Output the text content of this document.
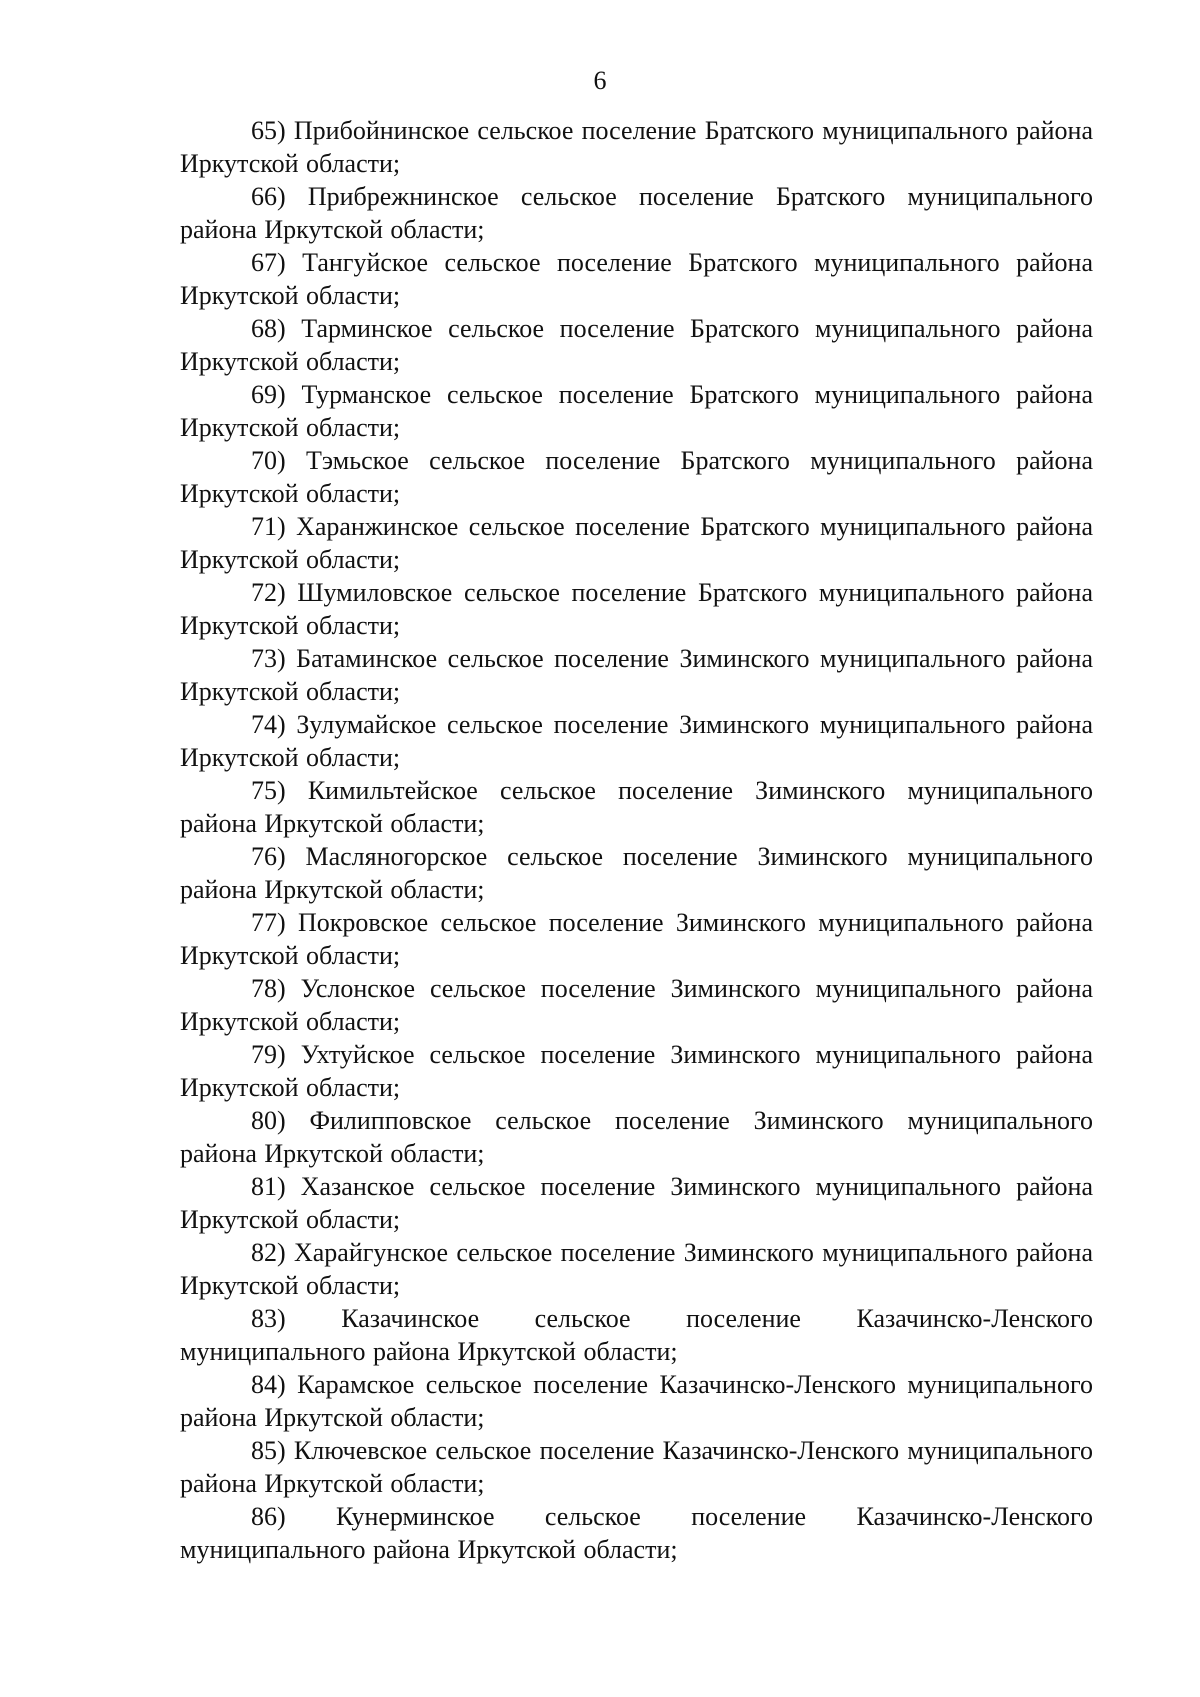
6

65) Прибойнинское сельское поселение Братского муниципального района Иркутской области;

66) Прибрежнинское сельское поселение Братского муниципального района Иркутской области;

67) Тангуйское сельское поселение Братского муниципального района Иркутской области;

68) Тарминское сельское поселение Братского муниципального района Иркутской области;

69) Турманское сельское поселение Братского муниципального района Иркутской области;

70) Тэмьское сельское поселение Братского муниципального района Иркутской области;

71) Харанжинское сельское поселение Братского муниципального района Иркутской области;

72) Шумиловское сельское поселение Братского муниципального района Иркутской области;

73) Батаминское сельское поселение Зиминского муниципального района Иркутской области;

74) Зулумайское сельское поселение Зиминского муниципального района Иркутской области;

75) Кимильтейское сельское поселение Зиминского муниципального района Иркутской области;

76) Масляногорское сельское поселение Зиминского муниципального района Иркутской области;

77) Покровское сельское поселение Зиминского муниципального района Иркутской области;

78) Услонское сельское поселение Зиминского муниципального района Иркутской области;

79) Ухтуйское сельское поселение Зиминского муниципального района Иркутской области;

80) Филипповское сельское поселение Зиминского муниципального района Иркутской области;

81) Хазанское сельское поселение Зиминского муниципального района Иркутской области;

82) Харайгунское сельское поселение Зиминского муниципального района Иркутской области;

83) Казачинское сельское поселение Казачинско-Ленского муниципального района Иркутской области;

84) Карамское сельское поселение Казачинско-Ленского муниципального района Иркутской области;

85) Ключевское сельское поселение Казачинско-Ленского муниципального района Иркутской области;

86) Кунерминское сельское поселение Казачинско-Ленского муниципального района Иркутской области;
